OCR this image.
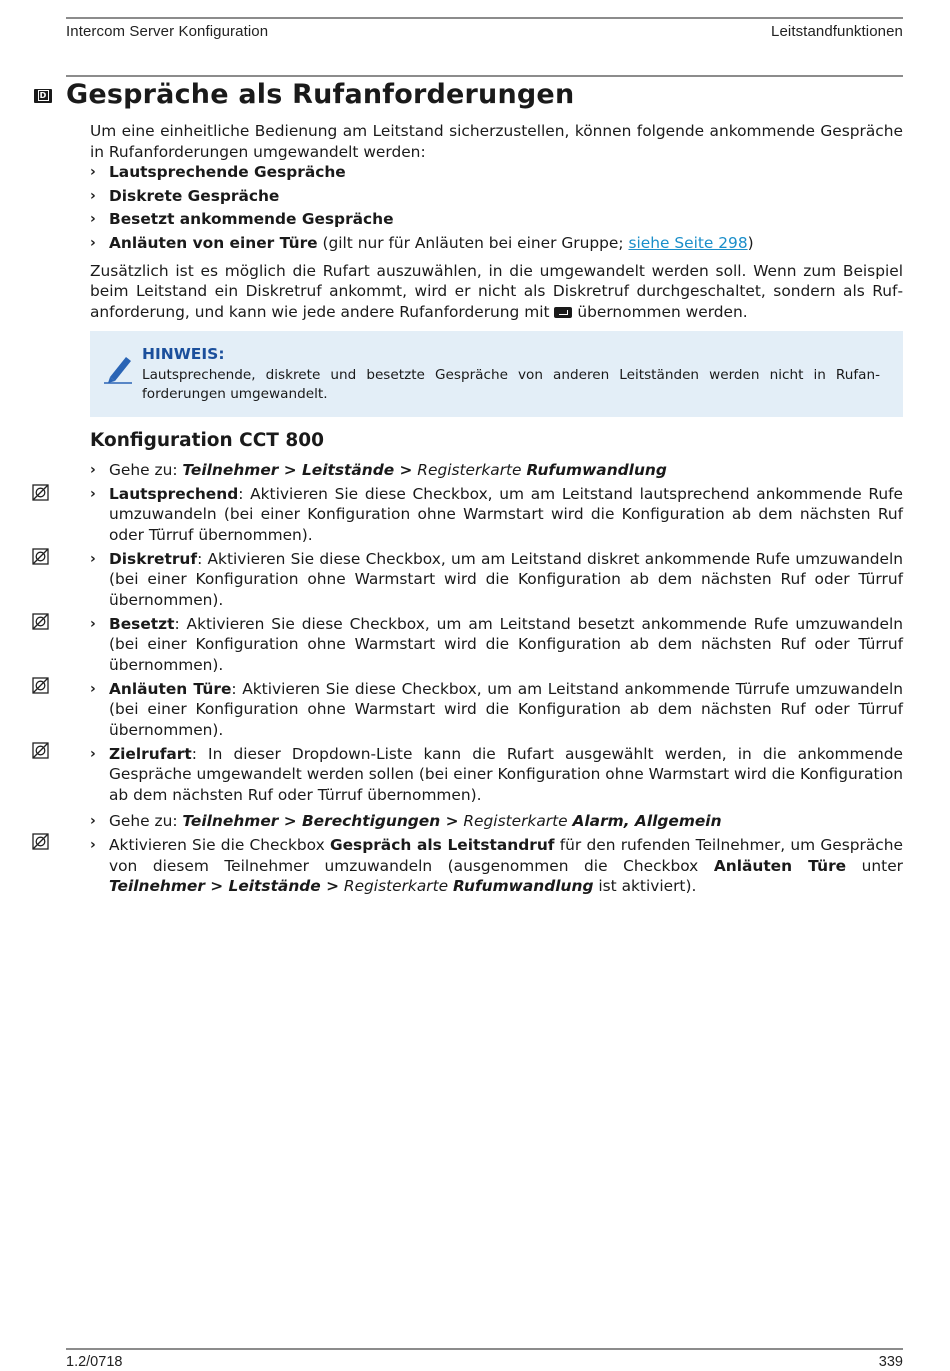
Intercom Server Konfiguration	Leitstandfunktionen
D Gespräche als Rufanforderungen

Um eine einheitliche Bedienung am Leitstand sicherzustellen, können folgende ankommende Gespräche in Rufanforderungen umgewandelt werden:

› Lautsprechende Gespräche
› Diskrete Gespräche
› Besetzt ankommende Gespräche
› Anläuten von einer Türe (gilt nur für Anläuten bei einer Gruppe; siehe Seite 298)

Zusätzlich ist es möglich die Rufart auszuwählen, in die umgewandelt werden soll. Wenn zum Beispiel beim Leitstand ein Diskretruf ankommt, wird er nicht als Diskretruf durchgeschaltet, sondern als Rufanforderung, und kann wie jede andere Rufanforderung mit übernommen werden.

HINWEIS:
Lautsprechende, diskrete und besetzte Gespräche von anderen Leitständen werden nicht in Rufanforderungen umgewandelt.
Konfiguration CCT 800
› Gehe zu: Teilnehmer > Leitstände > Registerkarte Rufumwandlung
› Lautsprechend: Aktivieren Sie diese Checkbox, um am Leitstand lautsprechend ankommende Rufe umzuwandeln (bei einer Konfiguration ohne Warmstart wird die Konfiguration ab dem nächsten Ruf oder Türruf übernommen).
› Diskretruf: Aktivieren Sie diese Checkbox, um am Leitstand diskret ankommende Rufe umzuwandeln (bei einer Konfiguration ohne Warmstart wird die Konfiguration ab dem nächsten Ruf oder Türruf übernommen).
› Besetzt: Aktivieren Sie diese Checkbox, um am Leitstand besetzt ankommende Rufe umzuwandeln (bei einer Konfiguration ohne Warmstart wird die Konfiguration ab dem nächsten Ruf oder Türruf übernommen).
› Anläuten Türe: Aktivieren Sie diese Checkbox, um am Leitstand ankommende Türrufe umzuwandeln (bei einer Konfiguration ohne Warmstart wird die Konfiguration ab dem nächsten Ruf oder Türruf übernommen).
› Zielrufart: In dieser Dropdown-Liste kann die Rufart ausgewählt werden, in die ankommende Gespräche umgewandelt werden sollen (bei einer Konfiguration ohne Warmstart wird die Konfiguration ab dem nächsten Ruf oder Türruf übernommen).
› Gehe zu: Teilnehmer > Berechtigungen > Registerkarte Alarm, Allgemein
› Aktivieren Sie die Checkbox Gespräch als Leitstandruf für den rufenden Teilnehmer, um Gespräche von diesem Teilnehmer umzuwandeln (ausgenommen die Checkbox Anläuten Türe unter Teilnehmer > Leitstände > Registerkarte Rufumwandlung ist aktiviert).
1.2/0718	339
